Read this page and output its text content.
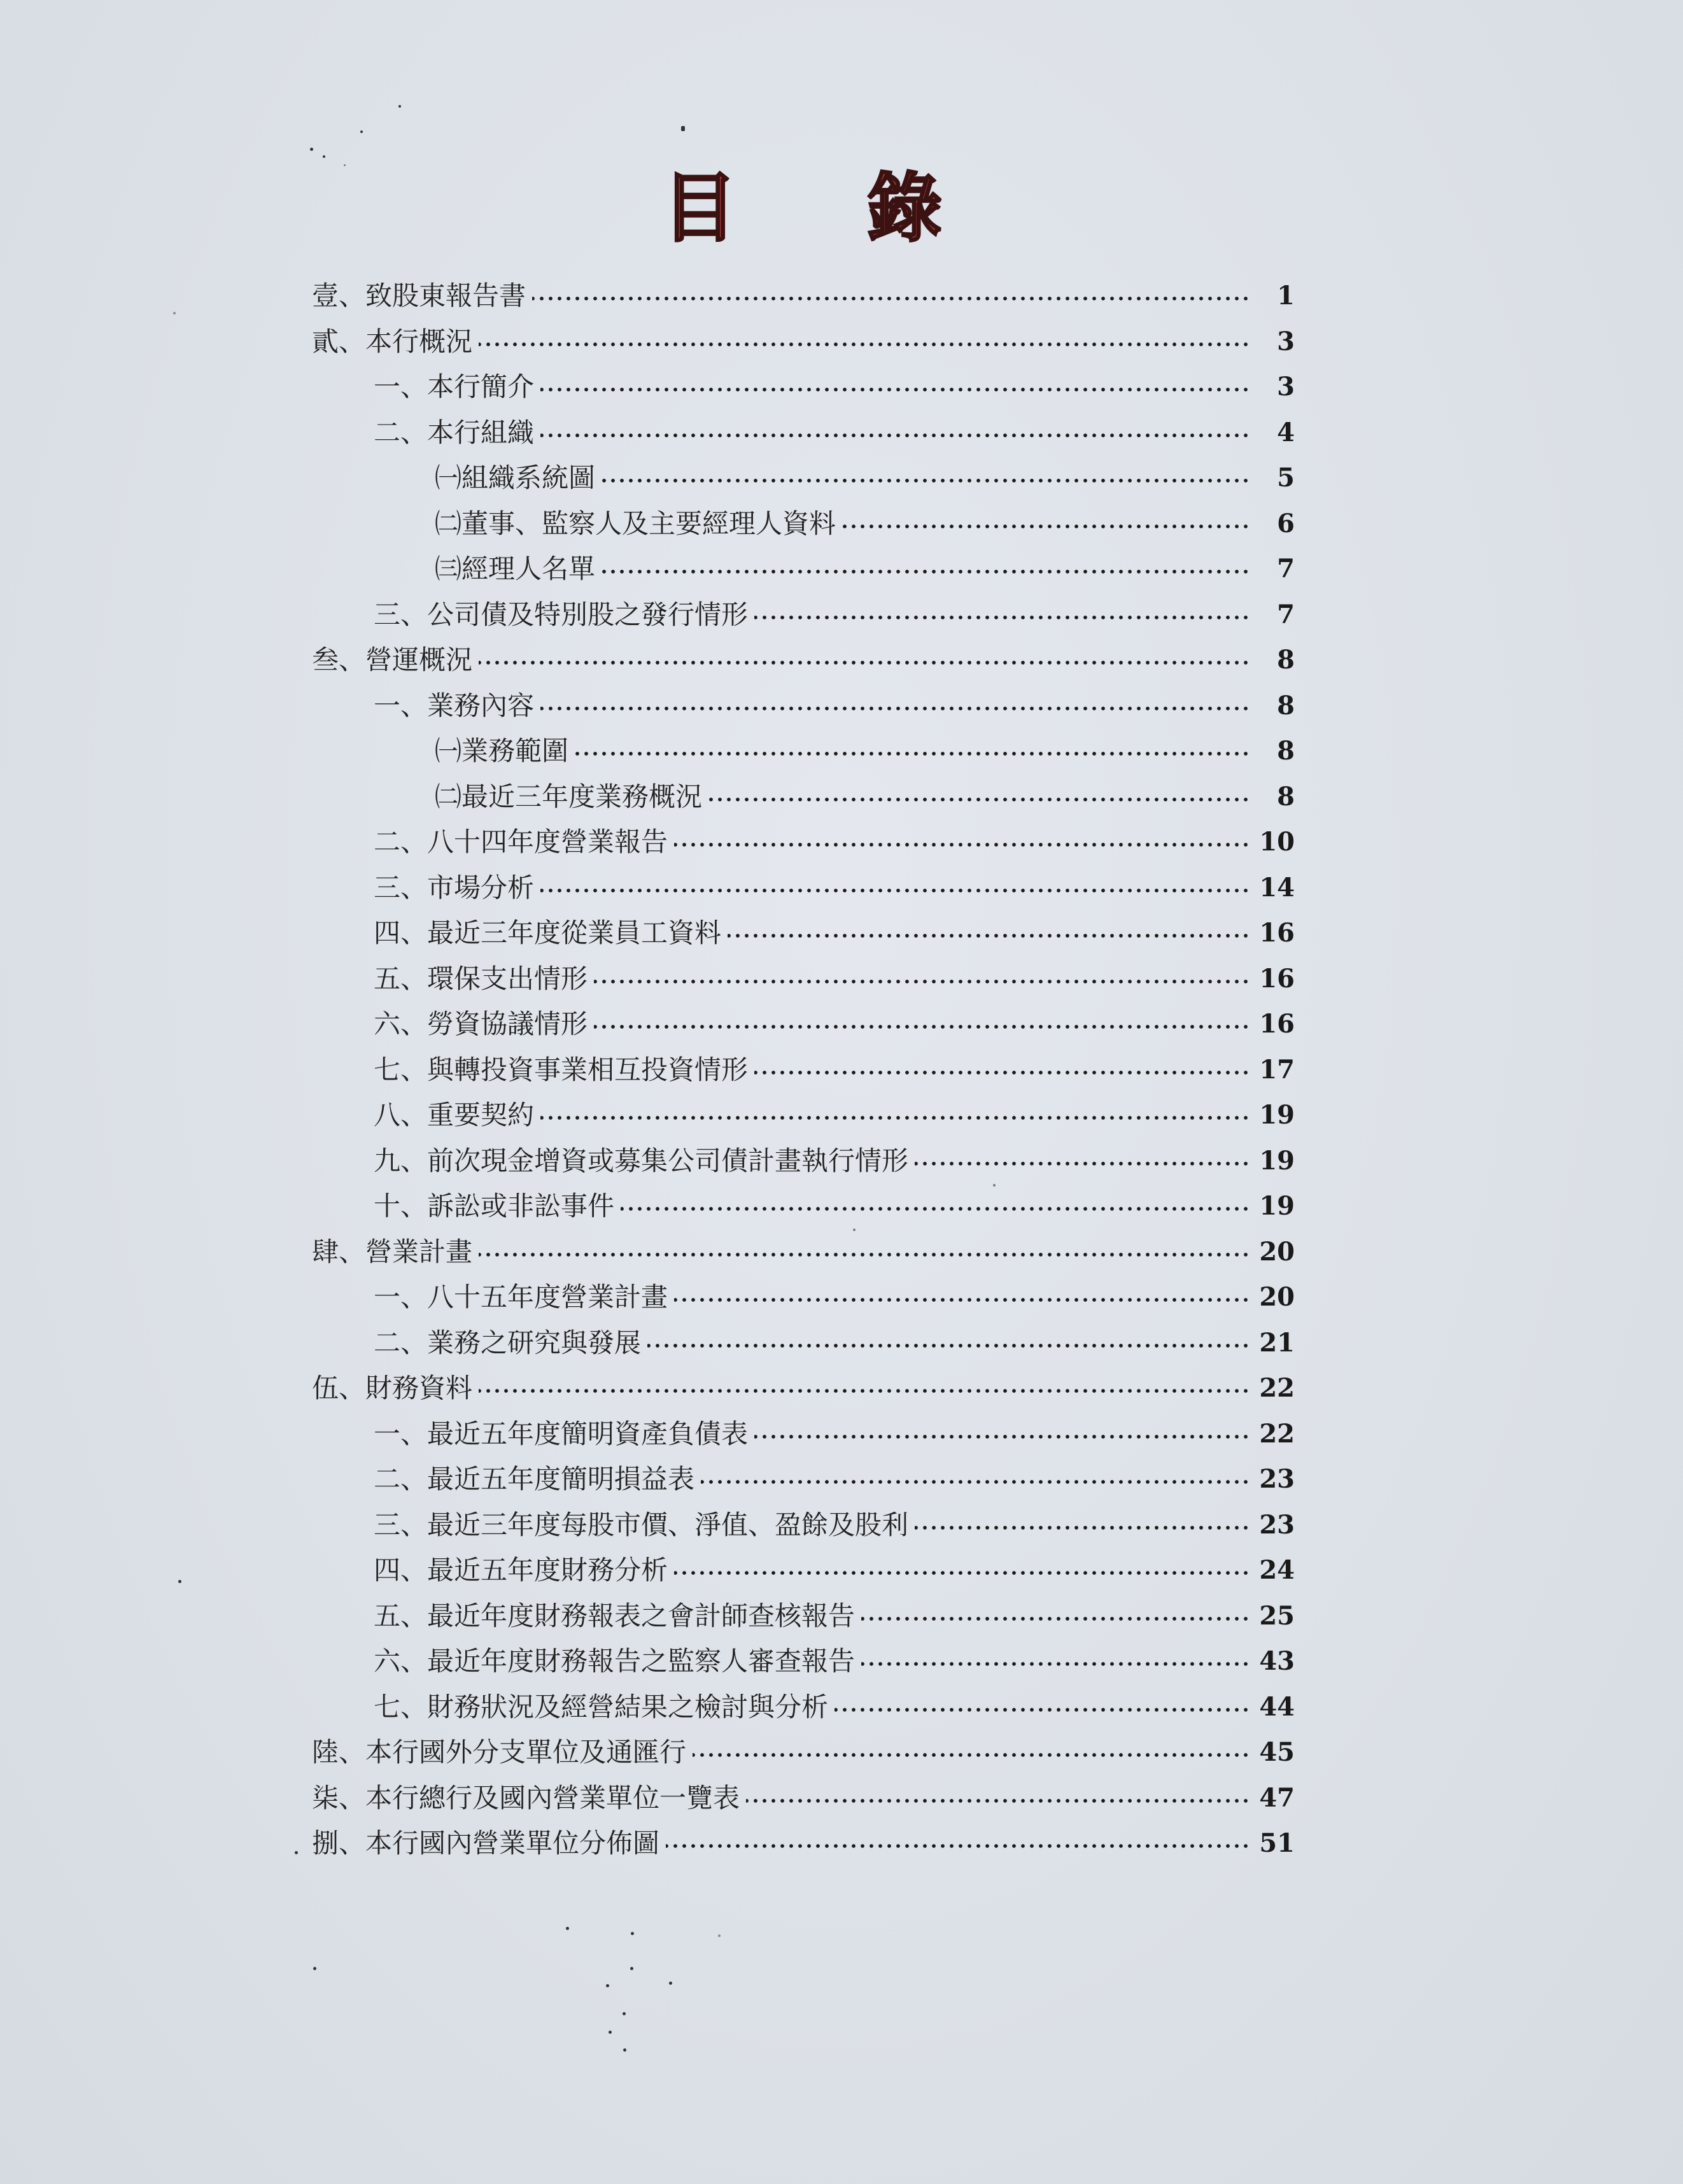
目 錄
壹、致股東報告書	1
貳、本行概況	3
一、本行簡介	3
二、本行組織	4
㈠組織系統圖	5
㈡董事、監察人及主要經理人資料	6
㈢經理人名單	7
三、公司債及特別股之發行情形	7
叁、營運概況	8
一、業務內容	8
㈠業務範圍	8
㈡最近三年度業務概況	8
二、八十四年度營業報告	10
三、市場分析	14
四、最近三年度從業員工資料	16
五、環保支出情形	16
六、勞資協議情形	16
七、與轉投資事業相互投資情形	17
八、重要契約	19
九、前次現金增資或募集公司債計畫執行情形	19
十、訴訟或非訟事件	19
肆、營業計畫	20
一、八十五年度營業計畫	20
二、業務之研究與發展	21
伍、財務資料	22
一、最近五年度簡明資產負債表	22
二、最近五年度簡明損益表	23
三、最近三年度每股市價、淨值、盈餘及股利	23
四、最近五年度財務分析	24
五、最近年度財務報表之會計師查核報告	25
六、最近年度財務報告之監察人審查報告	43
七、財務狀況及經營結果之檢討與分析	44
陸、本行國外分支單位及通匯行	45
柒、本行總行及國內營業單位一覽表	47
捌、本行國內營業單位分佈圖	51
